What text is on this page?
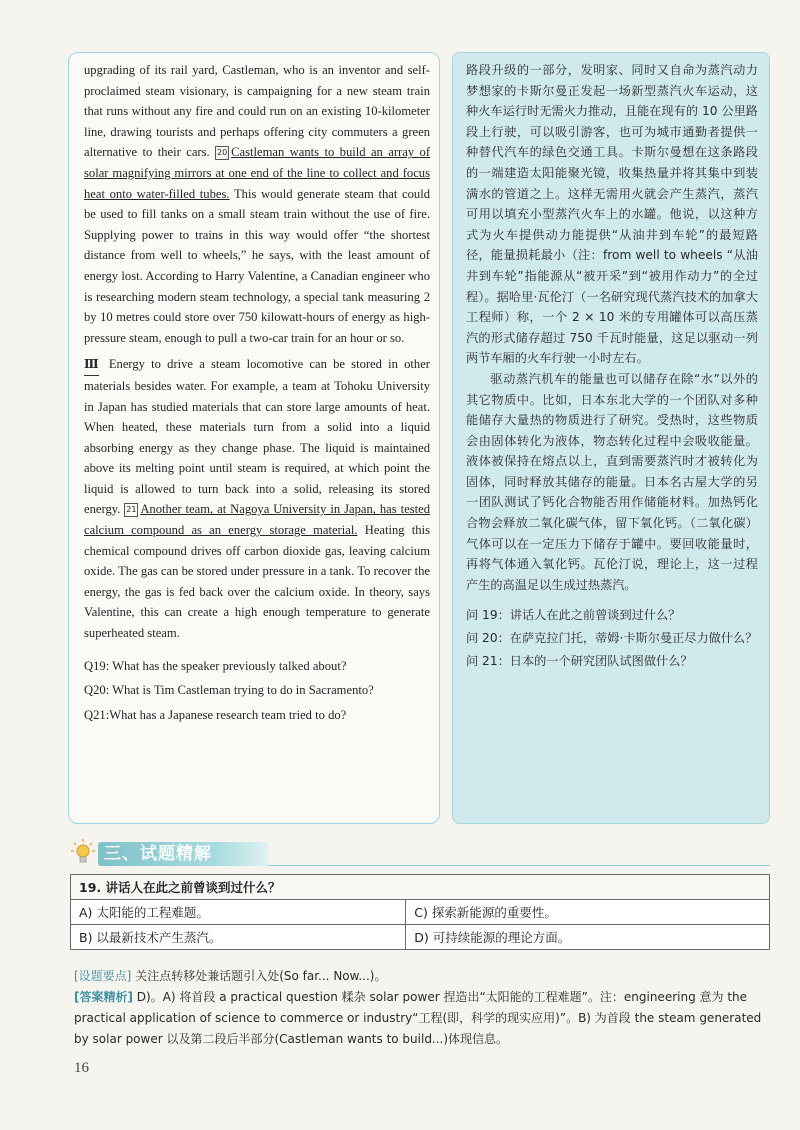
upgrading of its rail yard, Castleman, who is an inventor and self-proclaimed steam visionary, is campaigning for a new steam train that runs without any fire and could run on an existing 10-kilometer line, drawing tourists and perhaps offering city commuters a green alternative to their cars. 20 Castleman wants to build an array of solar magnifying mirrors at one end of the line to collect and focus heat onto water-filled tubes. This would generate steam that could be used to fill tanks on a small steam train without the use of fire. Supplying power to trains in this way would offer “the shortest distance from well to wheels,” he says, with the least amount of energy lost. According to Harry Valentine, a Canadian engineer who is researching modern steam technology, a special tank measuring 2 by 10 metres could store over 750 kilowatt-hours of energy as high-pressure steam, enough to pull a two-car train for an hour or so.

Ⅲ Energy to drive a steam locomotive can be stored in other materials besides water. For example, a team at Tohoku University in Japan has studied materials that can store large amounts of heat. When heated, these materials turn from a solid into a liquid absorbing energy as they change phase. The liquid is maintained above its melting point until steam is required, at which point the liquid is allowed to turn back into a solid, releasing its stored energy. 21 Another team, at Nagoya University in Japan, has tested calcium compound as an energy storage material. Heating this chemical compound drives off carbon dioxide gas, leaving calcium oxide. The gas can be stored under pressure in a tank. To recover the energy, the gas is fed back over the calcium oxide. In theory, says Valentine, this can create a high enough temperature to generate superheated steam.

Q19: What has the speaker previously talked about?
Q20: What is Tim Castleman trying to do in Sacramento?
Q21:What has a Japanese research team tried to do?

路段升级的一部分，发明家、同时又自命为蒸汽动力梦想家的卡斯尔曼正发起一场新型蒸汽火车运动，这种火车运行时无需火力推动，且能在现有的 10 公里路段上行驶，可以吸引游客，也可为城市通勤者提供一种替代汽车的绿色交通工具。卡斯尔曼想在这条路段的一端建造太阳能聚光镜，收集热量并将其集中到装满水的管道之上。这样无需用火就会产生蒸汽，蒸汽可用以填充小型蒸汽火车上的水罐。他说，以这种方式为火车提供动力能提供“从油井到车轮”的最短路径，能量损耗最小（注：from well to wheels “从油井到车轮”指能源从“被开采”到“被用作动力”的全过程）。据哈里·瓦伦汀（一名研究现代蒸汽技术的加拿大工程师）称，一个 2 × 10 米的专用罐体可以高压蒸汽的形式储存超过 750 千瓦时能量，这足以驱动一列两节车厢的火车行驶一小时左右。

驱动蒸汽机车的能量也可以储存在除“水”以外的其它物质中。比如，日本东北大学的一个团队对多种能储存大量热的物质进行了研究。受热时，这些物质会由固体转化为液体，物态转化过程中会吸收能量。液体被保持在熔点以上，直到需要蒸汽时才被转化为固体，同时释放其储存的能量。日本名古屋大学的另一团队测试了钙化合物能否用作储能材料。加热钙化合物会释放二氧化碳气体，留下氧化钙。（二氧化碳）气体可以在一定压力下储存于罐中。要回收能量时，再将气体通入氧化钙。瓦伦汀说，理论上，这一过程产生的高温足以生成过热蒸汽。

问 19：讲话人在此之前曾谈到过什么？
问 20：在萨克拉门托，蒂姆·卡斯尔曼正尽力做什么？
问 21：日本的一个研究团队试图做什么？
三、试题精解
19. 讲话人在此之前曾谈到过什么？	
A) 太阳能的工程难题。	C) 探索新能源的重要性。
B) 以最新技术产生蒸汽。	D) 可持续能源的理论方面。

[设题要点] 关注点转移处兼话题引入处(So far... Now...)。

[答案精析] D)。A) 将首段 a practical question 糅杂 solar power 捏造出“太阳能的工程难题”。注：engineering 意为 the practical application of science to commerce or industry“工程(即，科学的现实应用)”。B) 为首段 the steam generated by solar power 以及第二段后半部分(Castleman wants to build...)体现信息。

16
